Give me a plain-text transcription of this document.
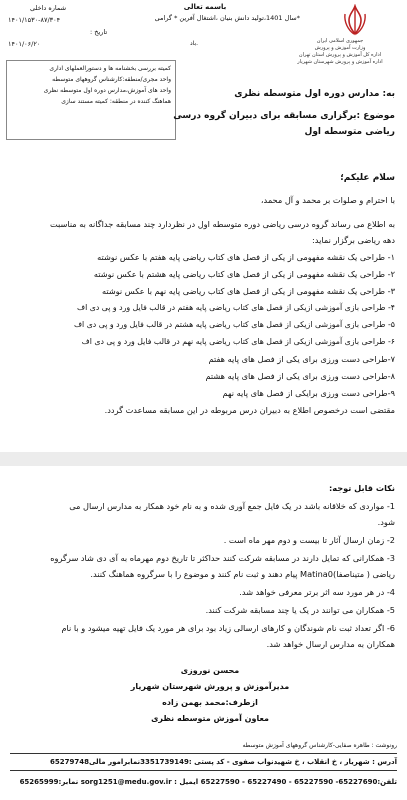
جمهوری اسلامی ایران
وزارت آموزش و پرورش
اداره کل آموزش و پرورش استان تهران
اداره آموزش و پرورش شهرستان شهریار
باسمه تعالی
*سال 1401،تولید دانش بنیان ،اشتغال آفرین * گرامی
باد.
شماره داخلی
۱۴۰۱/۱۵۳۰-۸۷/۳۰۴
تاریخ :
۱۴۰۱/۰۶/۲۰
کمیته بررسی بخشنامه ها و دستورالعملهای اداری
واحد مجری/منطقه:کارشناس گروههای متوسطه
واحد های آموزش،مدارس دوره اول متوسطه نظری
هماهنگ کننده در منطقه: کمیته مستند سازی
به: مدارس دوره اول متوسطه نظری
موضوع :برگزاری مسابقه برای دبیران گروه درسی
ریاضی متوسطه اول
سلام علیکم؛
با احترام و صلوات بر محمد و آل محمد،
به اطلاع می رساند گروه درسی ریاضی دوره متوسطه اول در نظردارد چند مسابقه جداگانه به مناسبت
دهه ریاضی برگزار نماید:
۱- طراحی یک نقشه مفهومی از یکی از فصل های کتاب ریاضی پایه هفتم با عکس نوشته
۲- طراحی یک نقشه مفهومی از یکی از فصل های کتاب ریاضی پایه هشتم با عکس نوشته
۳- طراحی یک نقشه مفهومی از یکی از فصل های کتاب ریاضی پایه نهم با عکس نوشته
۴- طراحی بازی آموزشی ازیکی از فصل های کتاب ریاضی پایه هفتم در قالب فایل ورد و پی دی اف
۵- طراحی بازی آموزشی ازیکی از فصل های کتاب ریاضی پایه هشتم در قالب فایل ورد و پی دی اف
۶- طراحی بازی آموزشی ازیکی از فصل های کتاب ریاضی پایه نهم در قالب فایل ورد و پی دی اف
۷-طراحی دست ورزی برای یکی از فصل های پایه هفتم
۸-طراحی دست ورزی برای یکی از فصل های پایه هشتم
۹-طراحی دست ورزی برایکی از فصل های پایه نهم
مقتضی است درخصوص اطلاع به دبیران درس مربوطه در این مسابقه مساعدت گردد.
نکات قابل توجه:
1- مواردی که خلاقانه باشد در یک فایل جمع آوری شده و به نام خود همکار به مدارس ارسال می
شود.
2- زمان ارسال آثار تا بیست و دوم مهر ماه است .
3- همکارانی که تمایل دارند در مسابقه شرکت کنند حداکثر تا تاریخ دوم مهرماه به آی دی شاد سرگروه
ریاضی ( متیناصفا)Matina0 پیام دهند و ثبت نام کنند و موضوع را با سرگروه هماهنگ کنند.
4- در هر مورد سه اثر برتر معرفی خواهد شد.
5- همکاران می توانند در یک یا چند مسابقه شرکت کنند.
6- اگر تعداد ثبت نام شوندگان و کارهای ارسالی زیاد بود برای هر مورد یک فایل تهیه میشود و با نام
همکاران به مدارس ارسال خواهد شد.
محسن نوروزی
مدیرآموزش و پرورش شهرستان شهریار
ازطرف:محمد بهمن زاده
معاون آموزش متوسطه نظری
رونوشت : طاهره صفایی-کارشناس گروههای آموزش متوسطه
آدرس : شهریار ، خ انقلاب ، خ شهیدنواب صفوی - کد پستی :3351739149نمابرامور مالی65279748
تلفن:65227690- 65227590 - 65227490 - 65227590 ایمیل : sorg1251@medu.gov.ir نمابر:65265999
